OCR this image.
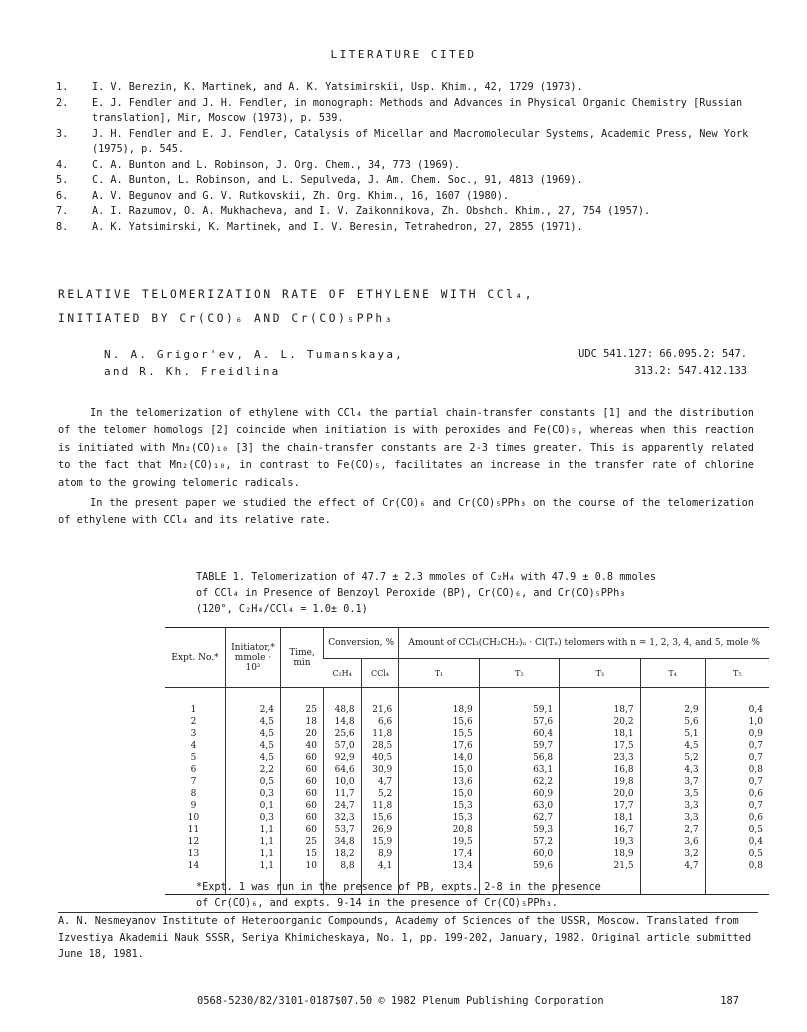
LITERATURE CITED
1.	I. V. Berezin, K. Martinek, and A. K. Yatsimirskii, Usp. Khim., 42, 1729 (1973).
2.	E. J. Fendler and J. H. Fendler, in monograph: Methods and Advances in Physical Organic Chemistry [Russian translation], Mir, Moscow (1973), p. 539.
3.	J. H. Fendler and E. J. Fendler, Catalysis of Micellar and Macromolecular Systems, Academic Press, New York (1975), p. 545.
4.	C. A. Bunton and L. Robinson, J. Org. Chem., 34, 773 (1969).
5.	C. A. Bunton, L. Robinson, and L. Sepulveda, J. Am. Chem. Soc., 91, 4813 (1969).
6.	A. V. Begunov and G. V. Rutkovskii, Zh. Org. Khim., 16, 1607 (1980).
7.	A. I. Razumov, O. A. Mukhacheva, and I. V. Zaikonnikova, Zh. Obshch. Khim., 27, 754 (1957).
8.	A. K. Yatsimirski, K. Martinek, and I. V. Beresin, Tetrahedron, 27, 2855 (1971).
RELATIVE TELOMERIZATION RATE OF ETHYLENE WITH CCl₄,
INITIATED BY Cr(CO)₆ AND Cr(CO)₅PPh₃
N. A. Grigor'ev, A. L. Tumanskaya,
and R. Kh. Freidlina
UDC 541.127: 66.095.2: 547.
313.2: 547.412.133
In the telomerization of ethylene with CCl₄ the partial chain-transfer constants [1] and the distribution of the telomer homologs [2] coincide when initiation is with peroxides and Fe(CO)₅, whereas when this reaction is initiated with Mn₂(CO)₁₀ [3] the chain-transfer constants are 2-3 times greater. This is apparently related to the fact that Mn₂(CO)₁₀, in contrast to Fe(CO)₅, facilitates an increase in the transfer rate of chlorine atom to the growing telomeric radicals.
In the present paper we studied the effect of Cr(CO)₆ and Cr(CO)₅PPh₃ on the course of the telomerization of ethylene with CCl₄ and its relative rate.
TABLE 1. Telomerization of 47.7 ± 2.3 mmoles of C₂H₄ with 47.9 ± 0.8 mmoles of CCl₄ in Presence of Benzoyl Peroxide (BP), Cr(CO)₆, and Cr(CO)₅PPh₃ (120°, C₂H₄/CCl₄ = 1.0± 0.1)
Expt. No.*	Initiator,* mmole · 10²	Time, min	Conversion, %		Amount of CCl₃(CH₂CH₂)ₙ · Cl(Tₙ) telomers with n = 1, 2, 3, 4, and 5, mole %				
			C₂H₄	CCl₄	T₁	T₂	T₃	T₄	T₅
1	2,4	25	48,8	21,6	18,9	59,1	18,7	2,9	0,4
2	4,5	18	14,8	6,6	15,6	57,6	20,2	5,6	1,0
3	4,5	20	25,6	11,8	15,5	60,4	18,1	5,1	0,9
4	4,5	40	57,0	28,5	17,6	59,7	17,5	4,5	0,7
5	4,5	60	92,9	40,5	14,0	56,8	23,3	5,2	0,7
6	2,2	60	64,6	30,9	15,0	63,1	16,8	4,3	0,8
7	0,5	60	10,0	4,7	13,6	62,2	19,8	3,7	0,7
8	0,3	60	11,7	5,2	15,0	60,9	20,0	3,5	0,6
9	0,1	60	24,7	11,8	15,3	63,0	17,7	3,3	0,7
10	0,3	60	32,3	15,6	15,3	62,7	18,1	3,3	0,6
11	1,1	60	53,7	26,9	20,8	59,3	16,7	2,7	0,5
12	1,1	25	34,8	15,9	19,5	57,2	19,3	3,6	0,4
13	1,1	15	18,2	8,9	17,4	60,0	18,9	3,2	0,5
14	1,1	10	8,8	4,1	13,4	59,6	21,5	4,7	0,8
*Expt. 1 was run in the presence of PB, expts. 2-8 in the presence of Cr(CO)₆, and expts. 9-14 in the presence of Cr(CO)₅PPh₃.
A. N. Nesmeyanov Institute of Heteroorganic Compounds, Academy of Sciences of the USSR, Moscow. Translated from Izvestiya Akademii Nauk SSSR, Seriya Khimicheskaya, No. 1, pp. 199-202, January, 1982. Original article submitted June 18, 1981.
0568-5230/82/3101-0187$07.50 © 1982 Plenum Publishing Corporation	187
